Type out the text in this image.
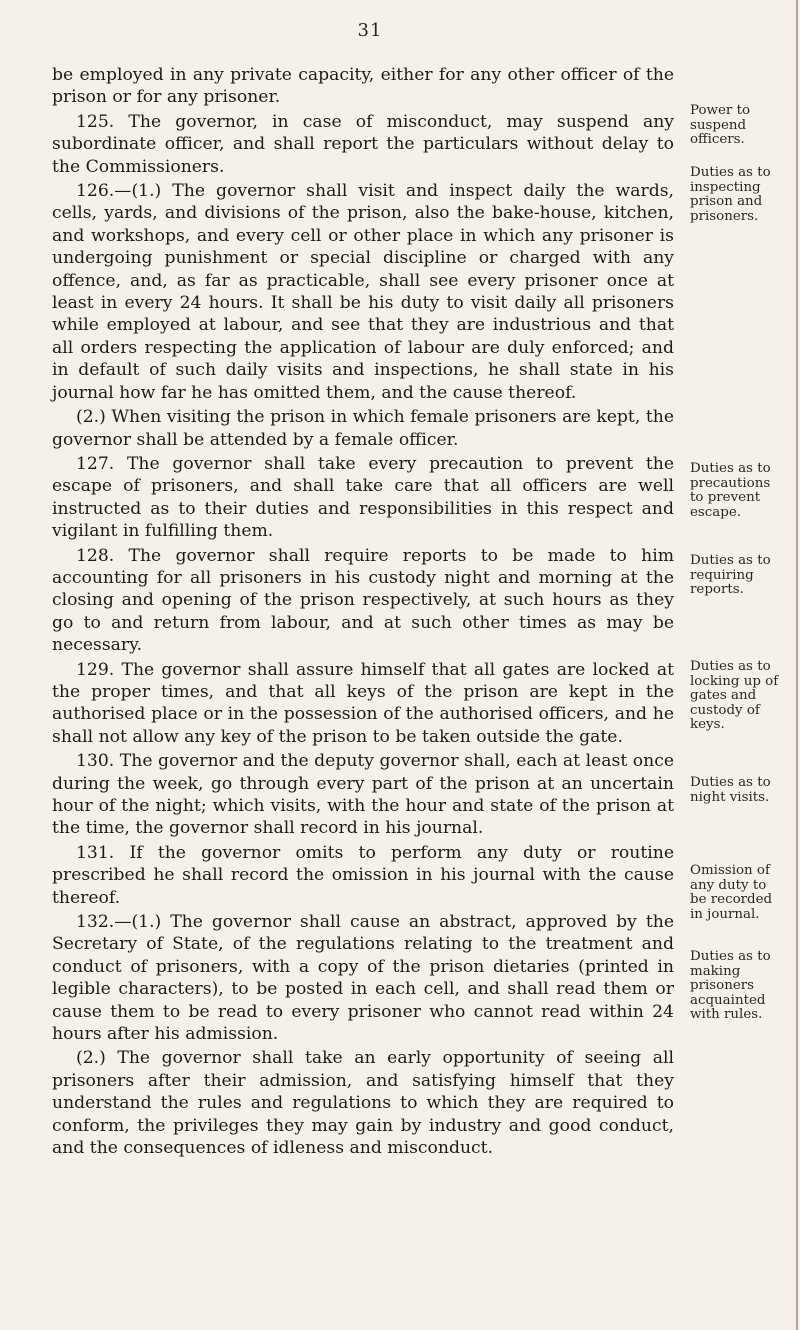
31

be employed in any private capacity, either for any other officer of the prison or for any prisoner.

125. The governor, in case of misconduct, may suspend any subordinate officer, and shall report the particulars without delay to the Commissioners.

126.—(1.) The governor shall visit and inspect daily the wards, cells, yards, and divisions of the prison, also the bake-house, kitchen, and workshops, and every cell or other place in which any prisoner is undergoing punishment or special discipline or charged with any offence, and, as far as practicable, shall see every prisoner once at least in every 24 hours. It shall be his duty to visit daily all prisoners while employed at labour, and see that they are industrious and that all orders respecting the application of labour are duly enforced; and in default of such daily visits and inspections, he shall state in his journal how far he has omitted them, and the cause thereof.

(2.) When visiting the prison in which female prisoners are kept, the governor shall be attended by a female officer.

127. The governor shall take every precaution to prevent the escape of prisoners, and shall take care that all officers are well instructed as to their duties and responsibilities in this respect and vigilant in fulfilling them.

128. The governor shall require reports to be made to him accounting for all prisoners in his custody night and morning at the closing and opening of the prison respectively, at such hours as they go to and return from labour, and at such other times as may be necessary.

129. The governor shall assure himself that all gates are locked at the proper times, and that all keys of the prison are kept in the authorised place or in the possession of the authorised officers, and he shall not allow any key of the prison to be taken outside the gate.

130. The governor and the deputy governor shall, each at least once during the week, go through every part of the prison at an uncertain hour of the night; which visits, with the hour and state of the prison at the time, the governor shall record in his journal.

131. If the governor omits to perform any duty or routine prescribed he shall record the omission in his journal with the cause thereof.

132.—(1.) The governor shall cause an abstract, approved by the Secretary of State, of the regulations relating to the treatment and conduct of prisoners, with a copy of the prison dietaries (printed in legible characters), to be posted in each cell, and shall read them or cause them to be read to every prisoner who cannot read within 24 hours after his admission.

(2.) The governor shall take an early opportunity of seeing all prisoners after their admission, and satisfying himself that they understand the rules and regulations to which they are required to conform, the privileges they may gain by industry and good conduct, and the consequences of idleness and misconduct.

Power to suspend officers.
Duties as to inspecting prison and prisoners.
Duties as to precautions to prevent escape.
Duties as to requiring reports.
Duties as to locking up of gates and custody of keys.
Duties as to night visits.
Omission of any duty to be recorded in journal.
Duties as to making prisoners acquainted with rules.
